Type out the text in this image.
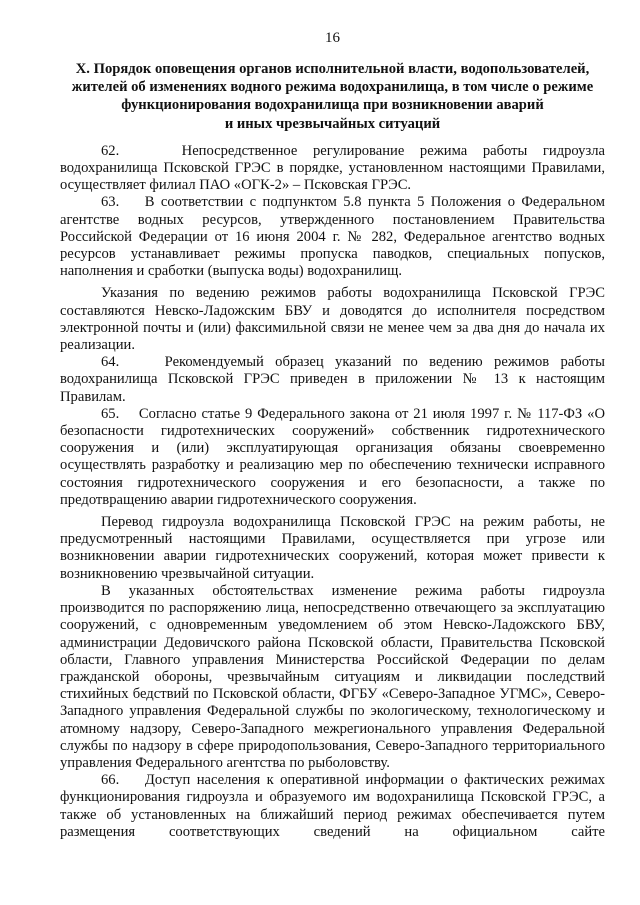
16
X. Порядок оповещения органов исполнительной власти, водопользователей,
жителей об изменениях водного режима водохранилища, в том числе о режиме
функционирования водохранилища при возникновении аварий
и иных чрезвычайных ситуаций

62.    Непосредственное регулирование режима работы гидроузла водохранилища Псковской ГРЭС в порядке, установленном настоящими Правилами, осуществляет филиал ПАО «ОГК-2» – Псковская ГРЭС.

63.    В соответствии с подпунктом 5.8 пункта 5 Положения о Федеральном агентстве водных ресурсов, утвержденного постановлением Правительства Российской Федерации от 16 июня 2004 г. № 282, Федеральное агентство водных ресурсов устанавливает режимы пропуска паводков, специальных попусков, наполнения и сработки (выпуска воды) водохранилищ.

Указания по ведению режимов работы водохранилища Псковской ГРЭС составляются Невско-Ладожским БВУ и доводятся до исполнителя посредством электронной почты и (или) факсимильной связи не менее чем за два дня до начала их реализации.

64.    Рекомендуемый образец указаний по ведению режимов работы водохранилища Псковской ГРЭС приведен в приложении № 13 к настоящим Правилам.

65.    Согласно статье 9 Федерального закона от 21 июля 1997 г. № 117-ФЗ «О безопасности гидротехнических сооружений» собственник гидротехнического сооружения и (или) эксплуатирующая организация обязаны своевременно осуществлять разработку и реализацию мер по обеспечению технически исправного состояния гидротехнического сооружения и его безопасности, а также по предотвращению аварии гидротехнического сооружения.

Перевод гидроузла водохранилища Псковской ГРЭС на режим работы, не предусмотренный настоящими Правилами, осуществляется при угрозе или возникновении аварии гидротехнических сооружений, которая может привести к возникновению чрезвычайной ситуации.

В указанных обстоятельствах изменение режима работы гидроузла производится по распоряжению лица, непосредственно отвечающего за эксплуатацию сооружений, с одновременным уведомлением об этом Невско-Ладожского БВУ, администрации Дедовичского района Псковской области, Правительства Псковской области, Главного управления Министерства Российской Федерации по делам гражданской обороны, чрезвычайным ситуациям и ликвидации последствий стихийных бедствий по Псковской области, ФГБУ «Северо-Западное УГМС», Северо-Западного управления Федеральной службы по экологическому, технологическому и атомному надзору, Северо-Западного межрегионального управления Федеральной службы по надзору в сфере природопользования, Северо-Западного территориального управления Федерального агентства по рыболовству.

66.    Доступ населения к оперативной информации о фактических режимах функционирования гидроузла и образуемого им водохранилища Псковской ГРЭС, а также об установленных на ближайший период режимах обеспечивается путем размещения соответствующих сведений на официальном сайте
